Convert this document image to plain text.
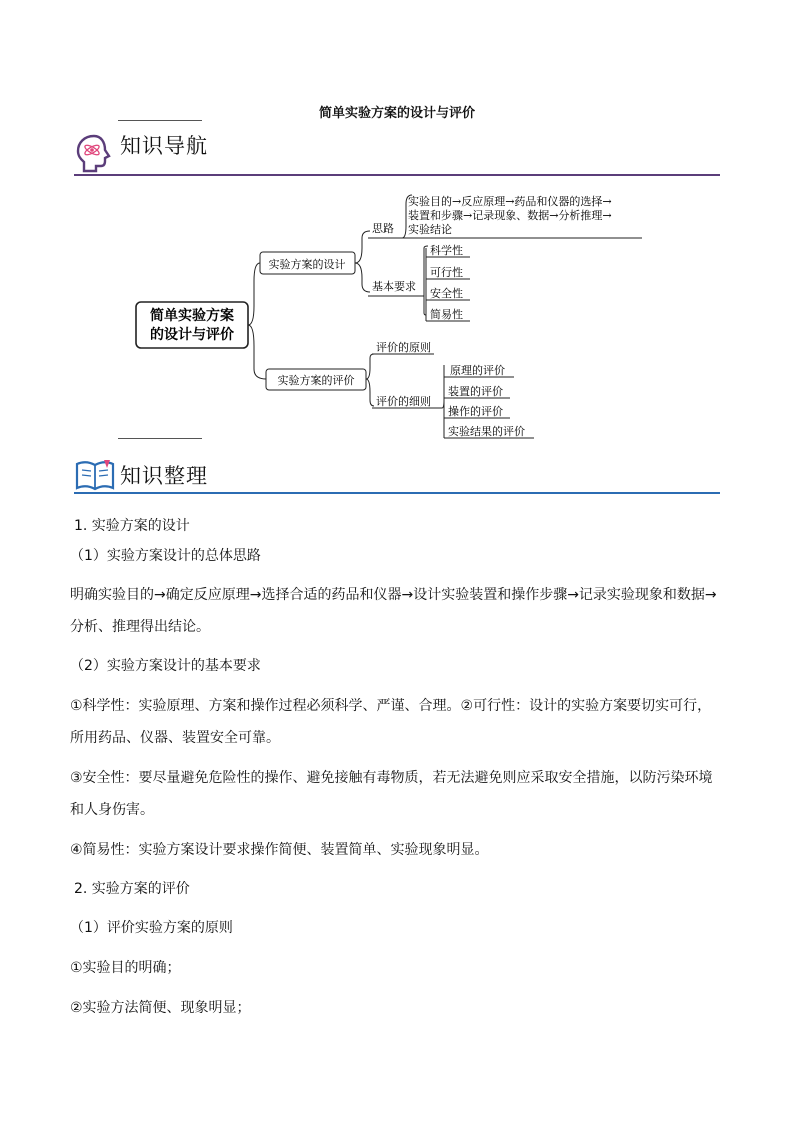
简单实验方案的设计与评价
知识导航
简单实验方案
的设计与评价
实验方案的设计
思路
实验目的→反应原理→药品和仪器的选择→
装置和步骤→记录现象、数据→分析推理→
实验结论
基本要求
科学性
可行性
安全性
简易性
实验方案的评价
评价的原则
评价的细则
原理的评价
装置的评价
操作的评价
实验结果的评价
知识整理
1. 实验方案的设计
（1）实验方案设计的总体思路
明确实验目的→确定反应原理→选择合适的药品和仪器→设计实验装置和操作步骤→记录实验现象和数据→
分析、推理得出结论。
（2）实验方案设计的基本要求
①科学性：实验原理、方案和操作过程必须科学、严谨、合理。②可行性：设计的实验方案要切实可行，
所用药品、仪器、装置安全可靠。
③安全性：要尽量避免危险性的操作、避免接触有毒物质，若无法避免则应采取安全措施，以防污染环境
和人身伤害。
④简易性：实验方案设计要求操作简便、装置简单、实验现象明显。
2. 实验方案的评价
（1）评价实验方案的原则
①实验目的明确；
②实验方法简便、现象明显；
